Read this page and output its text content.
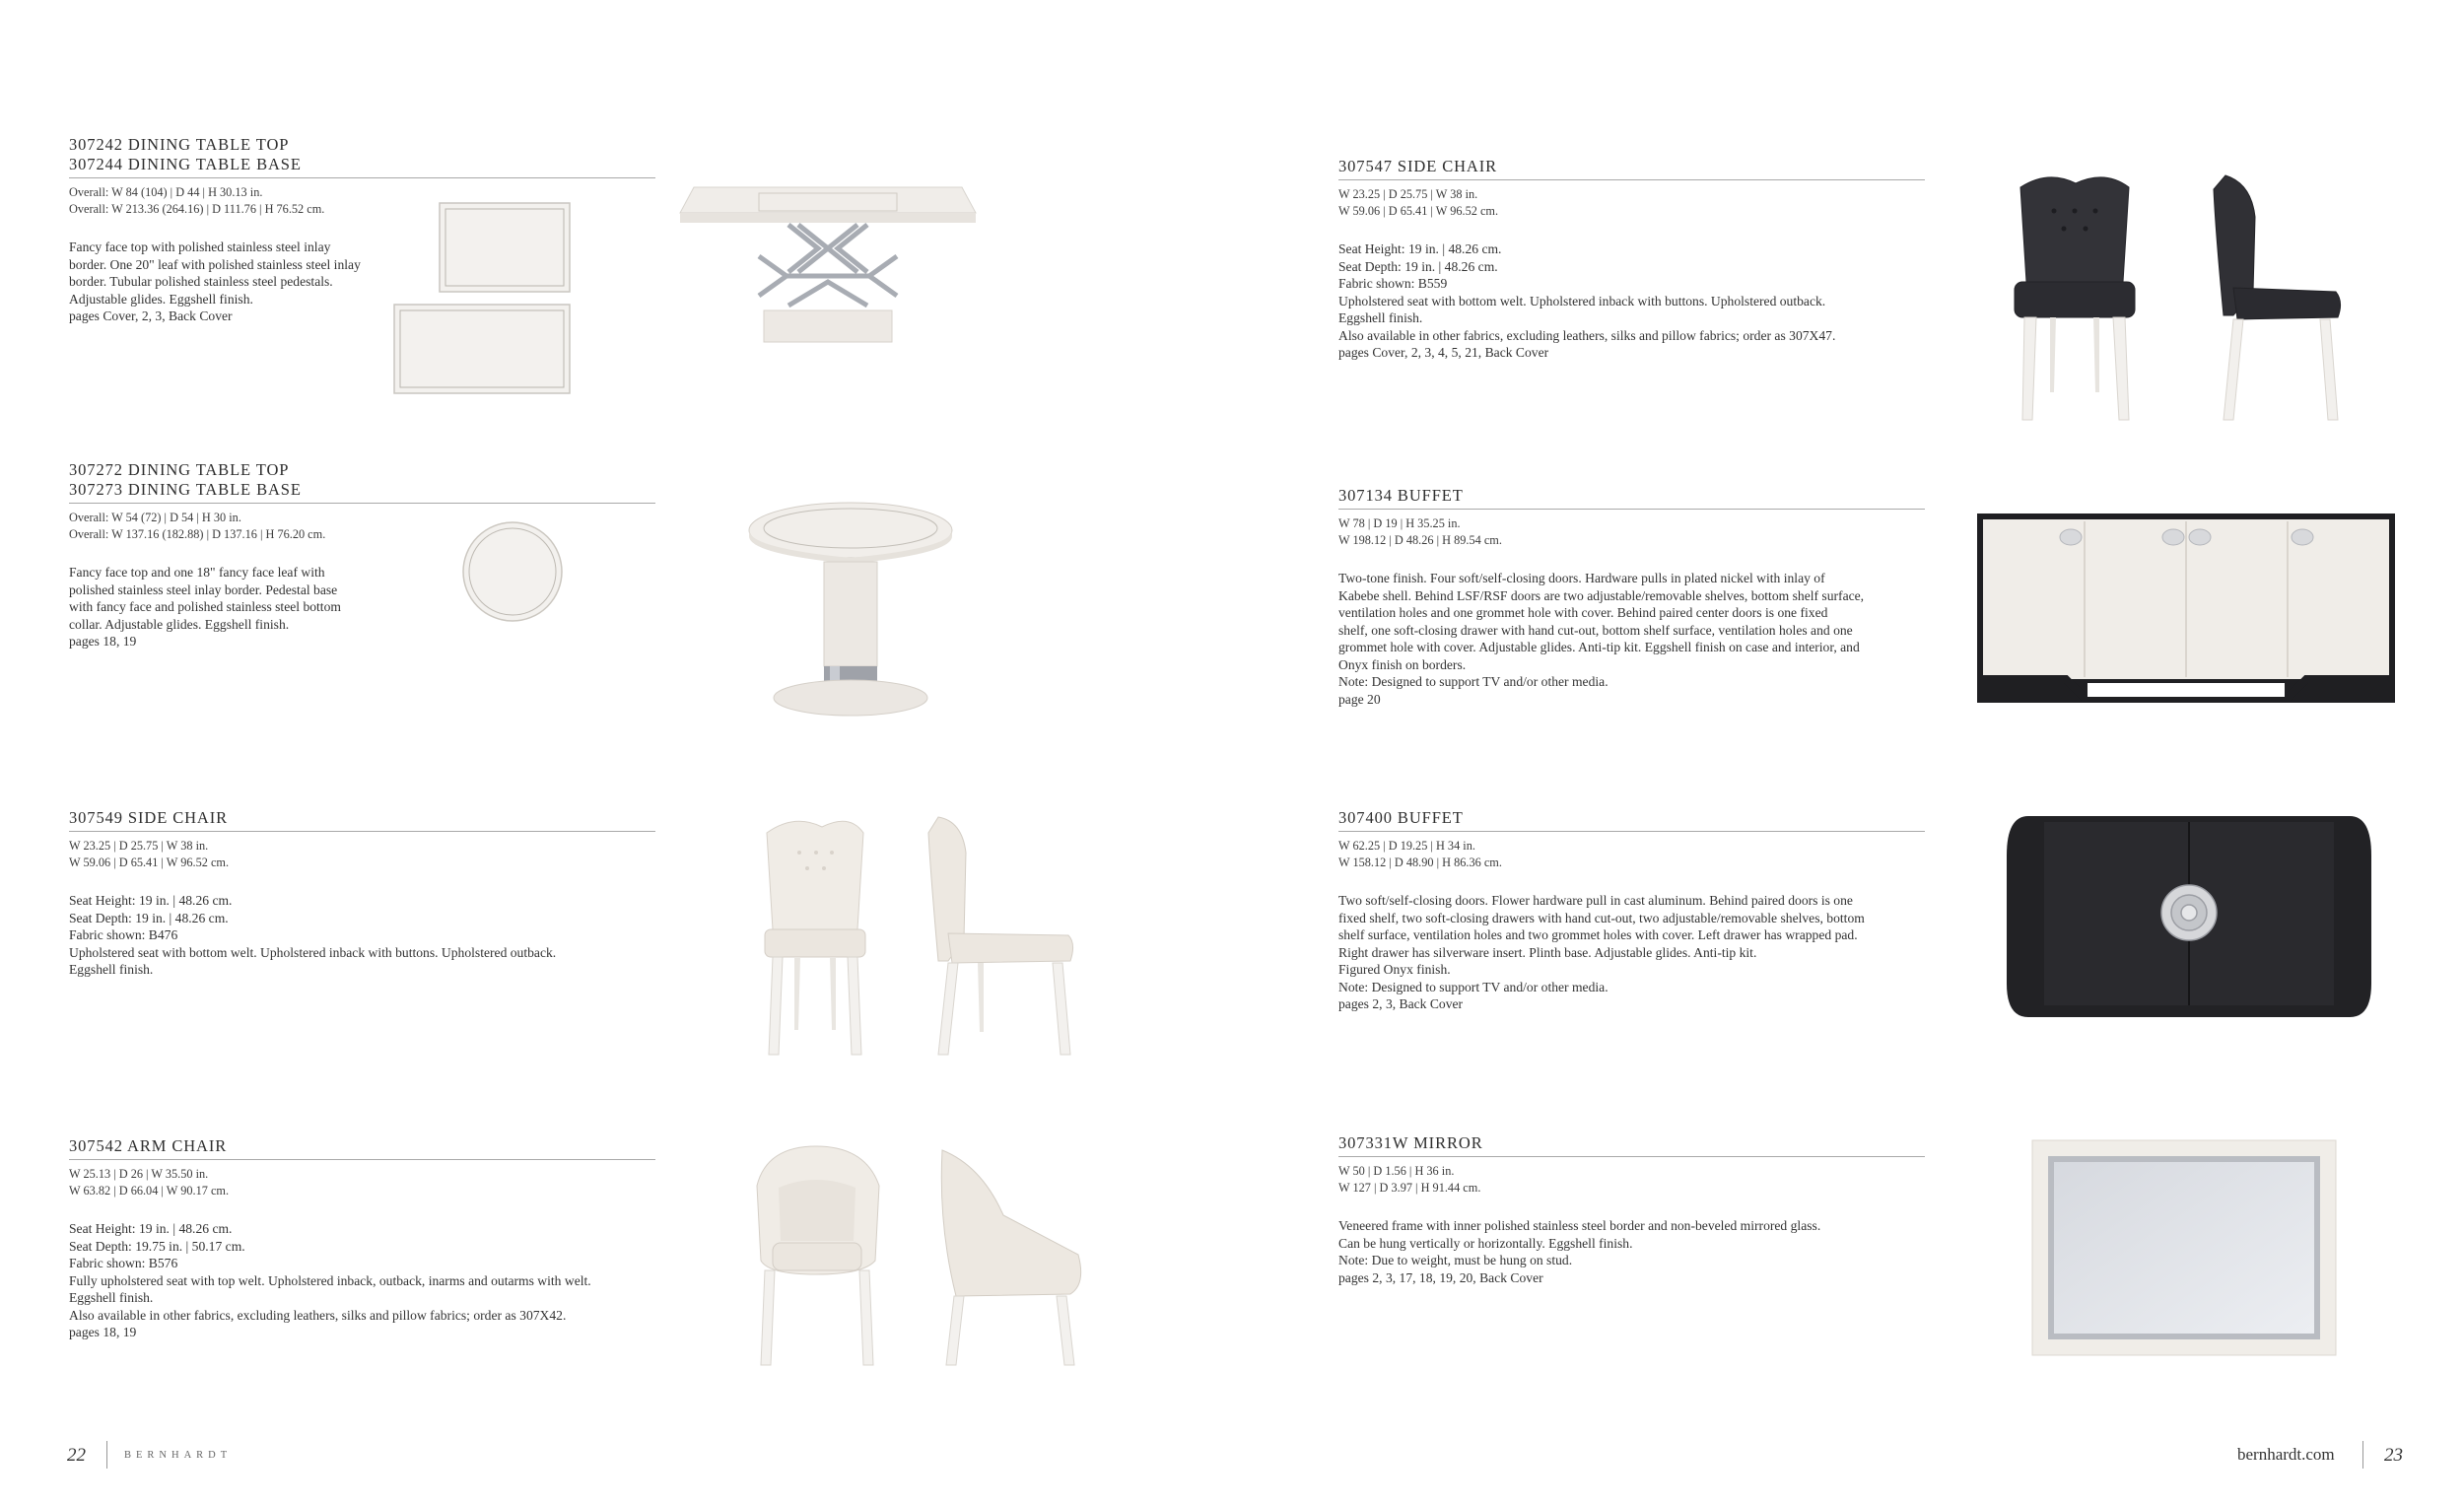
307242 DINING TABLE TOP
307244 DINING TABLE BASE
Overall: W 84 (104) | D 44 | H 30.13 in.
Overall: W 213.36 (264.16) | D 111.76 | H 76.52 cm.
Fancy face top with polished stainless steel inlay
border. One 20" leaf with polished stainless steel inlay
border. Tubular polished stainless steel pedestals.
Adjustable glides. Eggshell finish.
pages Cover, 2, 3, Back Cover
307272 DINING TABLE TOP
307273 DINING TABLE BASE
Overall: W 54 (72) | D 54 | H 30 in.
Overall: W 137.16 (182.88) | D 137.16 | H 76.20 cm.
Fancy face top and one 18" fancy face leaf with
polished stainless steel inlay border. Pedestal base
with fancy face and polished stainless steel bottom
collar. Adjustable glides. Eggshell finish.
pages 18, 19
307549 SIDE CHAIR
W 23.25 | D 25.75 | W 38 in.
W 59.06 | D 65.41 | W 96.52 cm.
Seat Height: 19 in. | 48.26 cm.
Seat Depth: 19 in. | 48.26 cm.
Fabric shown: B476
Upholstered seat with bottom welt. Upholstered inback with buttons. Upholstered outback.
Eggshell finish.
307542 ARM CHAIR
W 25.13 | D 26 | W 35.50 in.
W 63.82 | D 66.04 | W 90.17 cm.
Seat Height: 19 in. | 48.26 cm.
Seat Depth: 19.75 in. | 50.17 cm.
Fabric shown: B576
Fully upholstered seat with top welt. Upholstered inback, outback, inarms and outarms with welt.
Eggshell finish.
Also available in other fabrics, excluding leathers, silks and pillow fabrics; order as 307X42.
pages 18, 19
22	BERNHARDT
307547 SIDE CHAIR
W 23.25 | D 25.75 | W 38 in.
W 59.06 | D 65.41 | W 96.52 cm.
Seat Height: 19 in. | 48.26 cm.
Seat Depth: 19 in. | 48.26 cm.
Fabric shown: B559
Upholstered seat with bottom welt. Upholstered inback with buttons. Upholstered outback.
Eggshell finish.
Also available in other fabrics, excluding leathers, silks and pillow fabrics; order as 307X47.
pages Cover, 2, 3, 4, 5, 21, Back Cover
307134 BUFFET
W 78 | D 19 | H 35.25 in.
W 198.12 | D 48.26 | H 89.54 cm.
Two-tone finish. Four soft/self-closing doors. Hardware pulls in plated nickel with inlay of
Kabebe shell. Behind LSF/RSF doors are two adjustable/removable shelves, bottom shelf surface,
ventilation holes and one grommet hole with cover. Behind paired center doors is one fixed
shelf, one soft-closing drawer with hand cut-out, bottom shelf surface, ventilation holes and one
grommet hole with cover. Adjustable glides. Anti-tip kit. Eggshell finish on case and interior, and
Onyx finish on borders.
Note: Designed to support TV and/or other media.
page 20
307400 BUFFET
W 62.25 | D 19.25 | H 34 in.
W 158.12 | D 48.90 | H 86.36 cm.
Two soft/self-closing doors. Flower hardware pull in cast aluminum. Behind paired doors is one
fixed shelf, two soft-closing drawers with hand cut-out, two adjustable/removable shelves, bottom
shelf surface, ventilation holes and two grommet holes with cover. Left drawer has wrapped pad.
Right drawer has silverware insert. Plinth base. Adjustable glides. Anti-tip kit.
Figured Onyx finish.
Note: Designed to support TV and/or other media.
pages 2, 3, Back Cover
307331W MIRROR
W 50 | D 1.56 | H 36 in.
W 127 | D 3.97 | H 91.44 cm.
Veneered frame with inner polished stainless steel border and non-beveled mirrored glass.
Can be hung vertically or horizontally. Eggshell finish.
Note: Due to weight, must be hung on stud.
pages 2, 3, 17, 18, 19, 20, Back Cover
bernhardt.com	23
